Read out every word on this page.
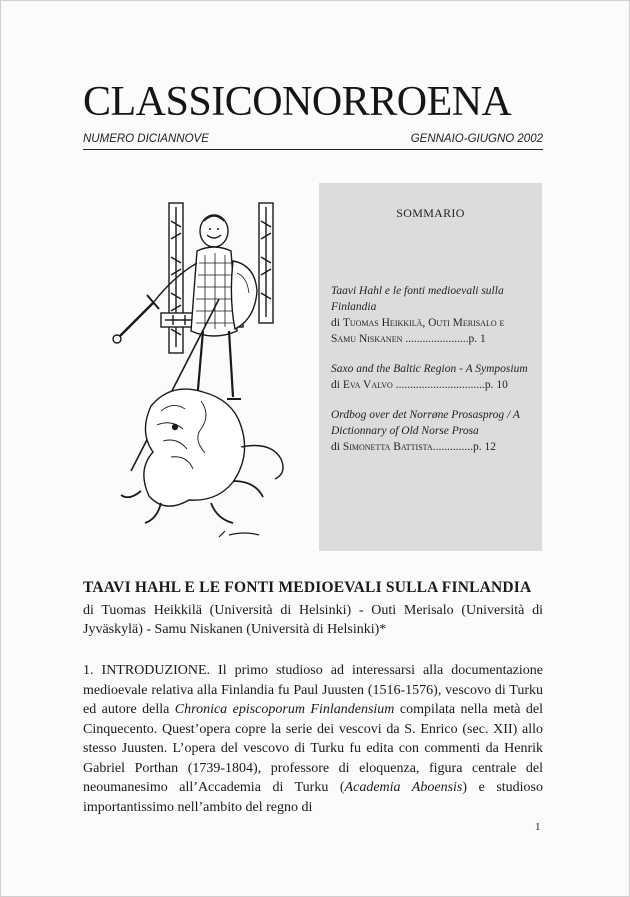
CLASSICONORROENA
NUMERO DICIANNOVE	GENNAIO-GIUGNO 2002
SOMMARIO
Taavi Hahl e le fonti medioevali sulla Finlandia
di Tuomas Heikkilä, Outi Merisalo e Samu Niskanen ......................p. 1
Saxo and the Baltic Region - A Symposium
di Eva Valvo ...............................p. 10
Ordbog over det Norrøne Prosasprog / A Dictionnary of Old Norse Prosa
di Simonetta Battista..............p. 12
TAAVI HAHL E LE FONTI MEDIOEVALI SULLA FINLANDIA
di Tuomas Heikkilä (Università di Helsinki) - Outi Merisalo (Università di Jyväskylä) - Samu Niskanen (Università di Helsinki)*
1. INTRODUZIONE. Il primo studioso ad interessarsi alla documentazione medioevale relativa alla Finlandia fu Paul Juusten (1516-1576), vescovo di Turku ed autore della Chronica episcoporum Finlandensium compilata nella metà del Cinquecento. Quest’opera copre la serie dei vescovi da S. Enrico (sec. XII) allo stesso Juusten. L’opera del vescovo di Turku fu edita con commenti da Henrik Gabriel Porthan (1739-1804), professore di eloquenza, figura centrale del neoumanesimo all’Accademia di Turku (Academia Aboensis) e studioso importantissimo nell’ambito del regno di
1
